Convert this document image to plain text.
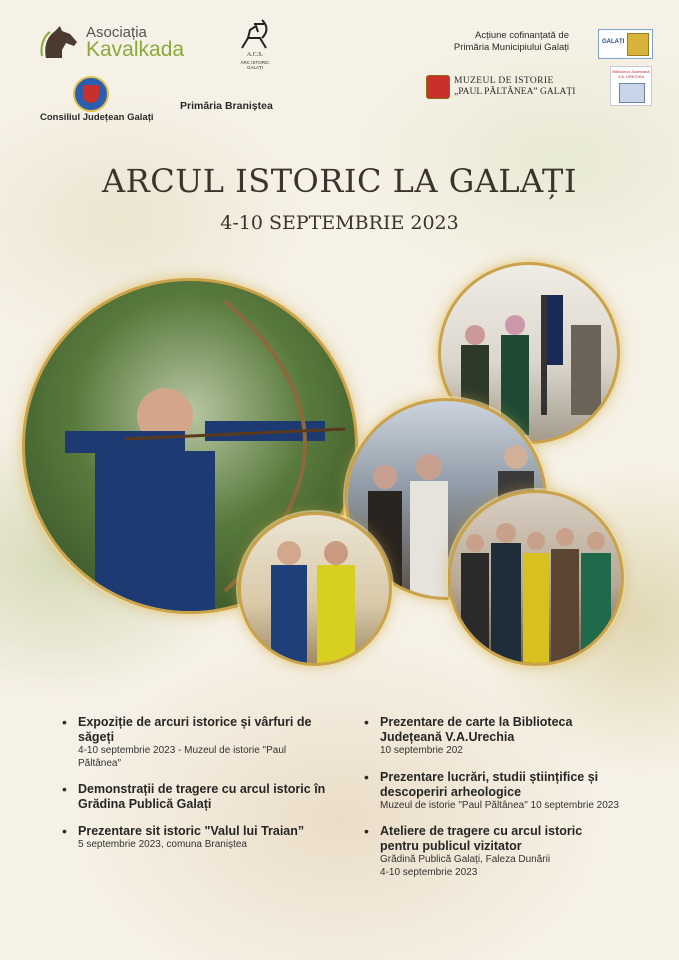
Asociația
Kavalkada	A.C.S.
ARC ISTORIC GALAȚI
Acțiune cofinanțată de
Primăria Municipiului Galați	GALAȚI
Consiliul Județean Galați
Primăria Braniștea
MUZEUL DE ISTORIE
„PAUL PĂLTĂNEA” GALAȚI
Biblioteca Județeană V.A. URECHIA
ARCUL ISTORIC LA GALAȚI
4-10 SEPTEMBRIE 2023
• Expoziție de arcuri istorice și vârfuri de săgeți
4-10 septembrie 2023 - Muzeul de istorie "Paul Păltânea"
• Demonstrații de tragere cu arcul istoric în Grădina Publică Galați
• Prezentare sit istoric "Valul lui Traian”
5 septembrie 2023, comuna Braniștea
• Prezentare de carte la Biblioteca Județeană V.A.Urechia
10 septembrie 202
• Prezentare lucrări, studii științifice și descoperiri arheologice
Muzeul de istorie "Paul Păltânea" 10 septembrie 2023
• Ateliere de tragere cu arcul istoric pentru publicul vizitator
Grădină Publică Galați, Faleza Dunării
4-10 septembrie 2023
